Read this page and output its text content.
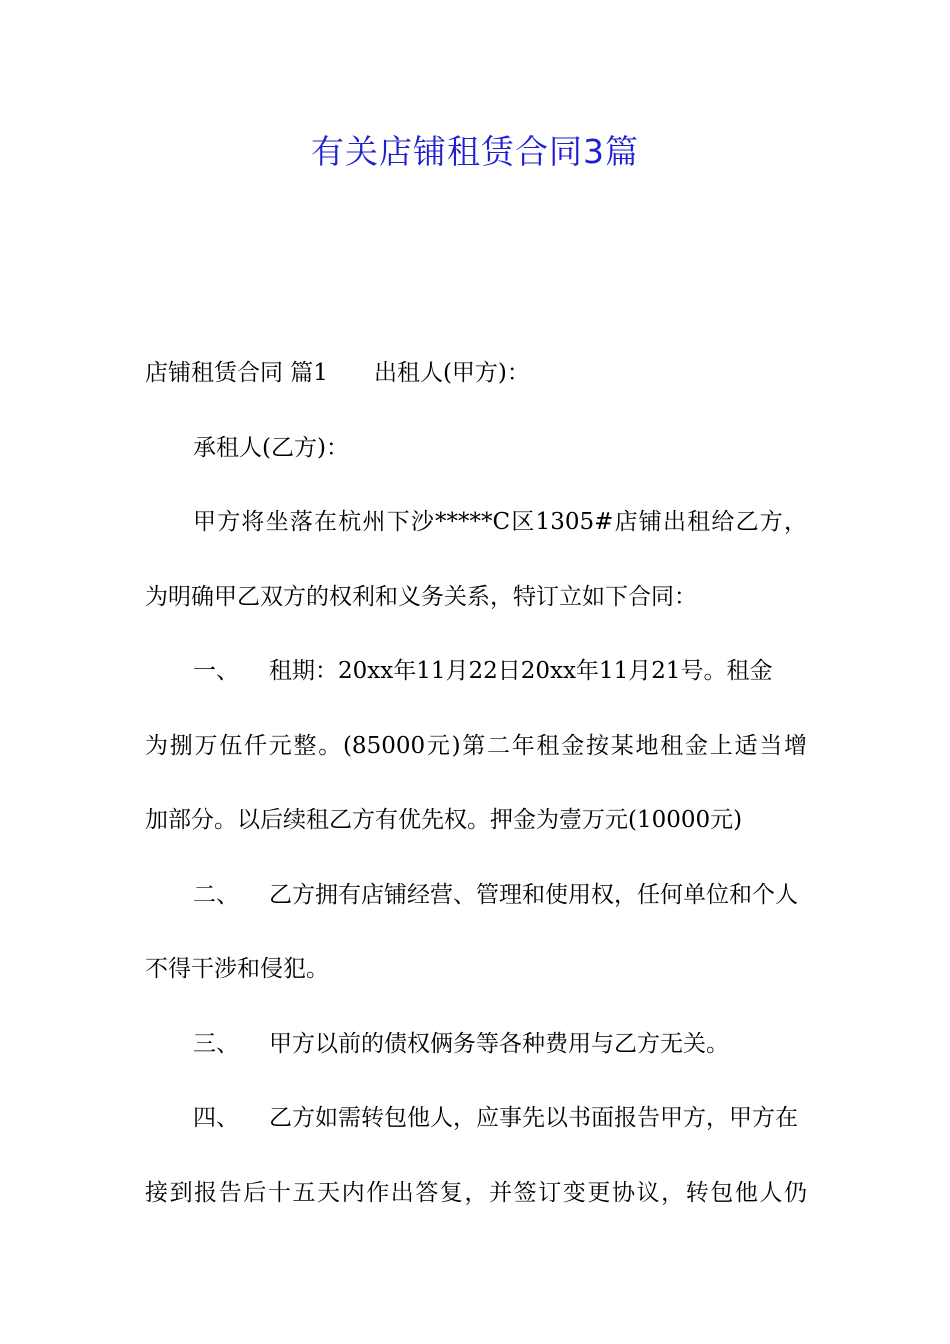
有关店铺租赁合同3篇
店铺租赁合同 篇1 出租人(甲方)：
承租人(乙方)：
甲方将坐落在杭州下沙*****C区1305#店铺出租给乙方，
为明确甲乙双方的权利和义务关系，特订立如下合同：
一、 租期：20xx年11月22日20xx年11月21号。租金
为捌万伍仟元整。(85000元)第二年租金按某地租金上适当增
加部分。以后续租乙方有优先权。押金为壹万元(10000元)
二、 乙方拥有店铺经营、管理和使用权，任何单位和个人
不得干涉和侵犯。
三、 甲方以前的债权俩务等各种费用与乙方无关。
四、 乙方如需转包他人，应事先以书面报告甲方，甲方在
接到报告后十五天内作出答复，并签订变更协议，转包他人仍
